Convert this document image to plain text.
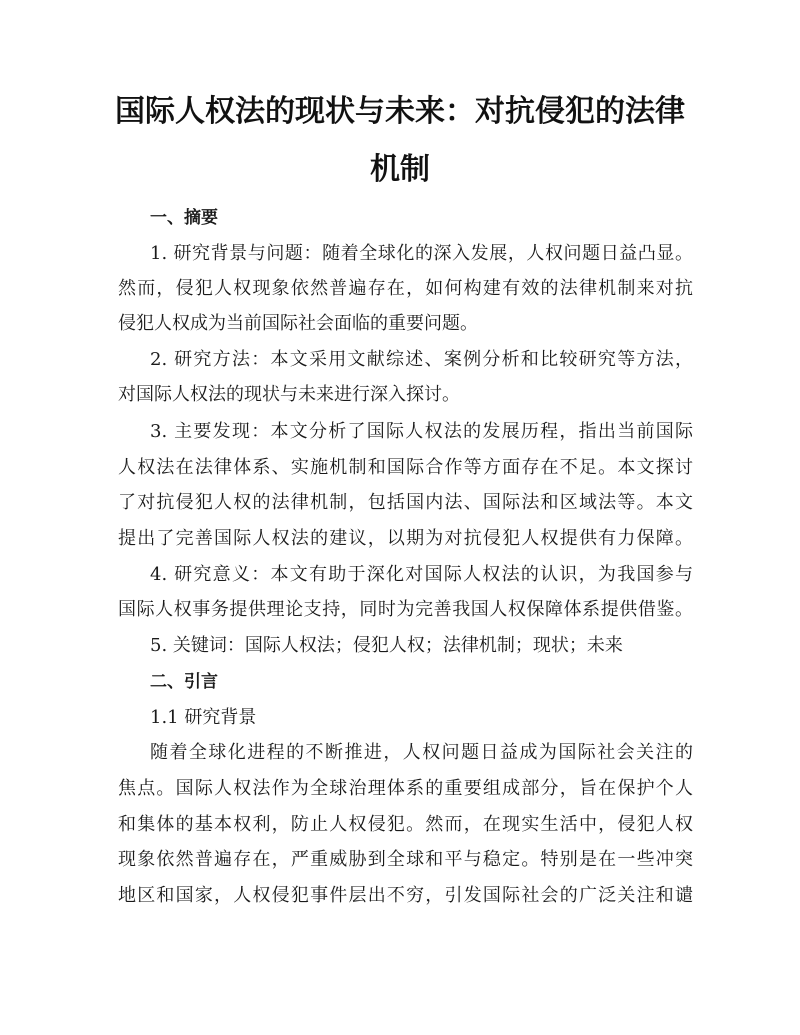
国际人权法的现状与未来：对抗侵犯的法律
机制
一、摘要
1. 研究背景与问题：随着全球化的深入发展，人权问题日益凸显。
然而，侵犯人权现象依然普遍存在，如何构建有效的法律机制来对抗
侵犯人权成为当前国际社会面临的重要问题。
2. 研究方法：本文采用文献综述、案例分析和比较研究等方法，
对国际人权法的现状与未来进行深入探讨。
3. 主要发现：本文分析了国际人权法的发展历程，指出当前国际
人权法在法律体系、实施机制和国际合作等方面存在不足。本文探讨
了对抗侵犯人权的法律机制，包括国内法、国际法和区域法等。本文
提出了完善国际人权法的建议，以期为对抗侵犯人权提供有力保障。
4. 研究意义：本文有助于深化对国际人权法的认识，为我国参与
国际人权事务提供理论支持，同时为完善我国人权保障体系提供借鉴。
5. 关键词：国际人权法；侵犯人权；法律机制；现状；未来
二、引言
1.1 研究背景
随着全球化进程的不断推进，人权问题日益成为国际社会关注的
焦点。国际人权法作为全球治理体系的重要组成部分，旨在保护个人
和集体的基本权利，防止人权侵犯。然而，在现实生活中，侵犯人权
现象依然普遍存在，严重威胁到全球和平与稳定。特别是在一些冲突
地区和国家，人权侵犯事件层出不穷，引发国际社会的广泛关注和谴
